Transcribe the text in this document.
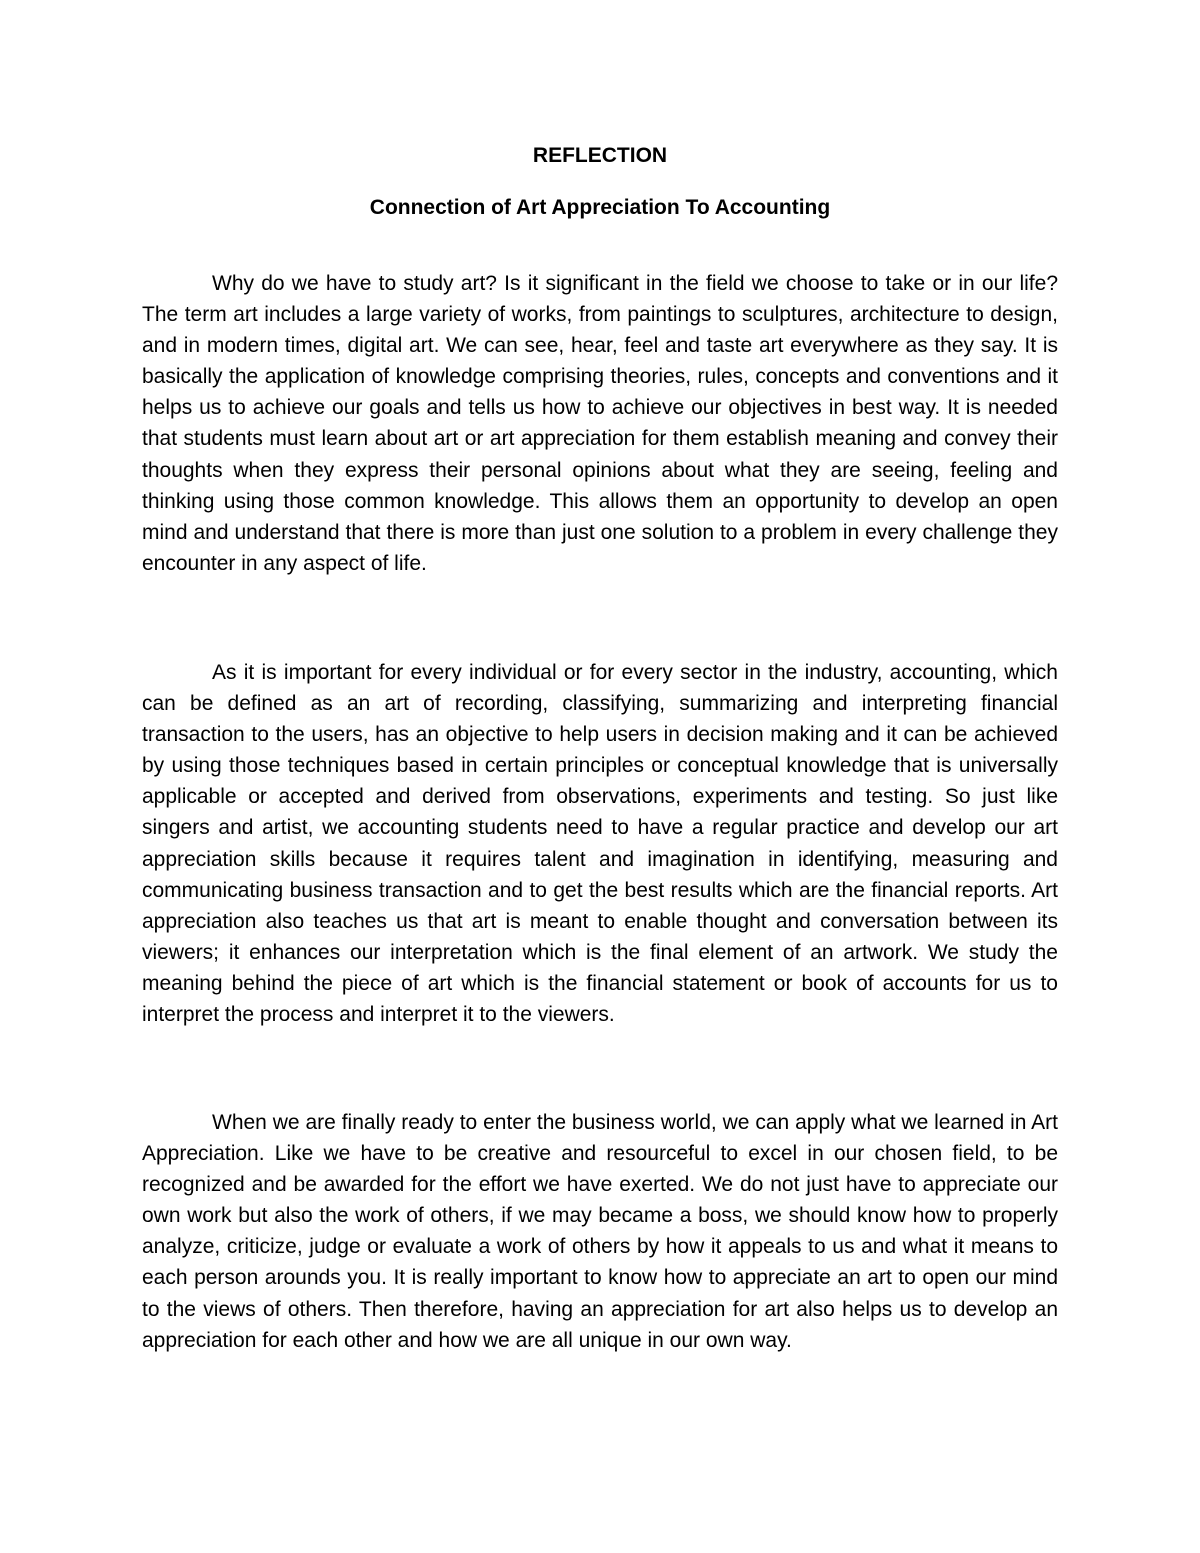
REFLECTION
Connection of Art Appreciation To Accounting

Why do we have to study art? Is it significant in the field we choose to take or in our life? The term art includes a large variety of works, from paintings to sculptures, architecture to design, and in modern times, digital art. We can see, hear, feel and taste art everywhere as they say. It is basically the application of knowledge comprising theories, rules, concepts and conventions and it helps us to achieve our goals and tells us how to achieve our objectives in best way. It is needed that students must learn about art or art appreciation for them establish meaning and convey their thoughts when they express their personal opinions about what they are seeing, feeling and thinking using those common knowledge. This allows them an opportunity to develop an open mind and understand that there is more than just one solution to a problem in every challenge they encounter in any aspect of life.

As it is important for every individual or for every sector in the industry, accounting, which can be defined as an art of recording, classifying, summarizing and interpreting financial transaction to the users, has an objective to help users in decision making and it can be achieved by using those techniques based in certain principles or conceptual knowledge that is universally applicable or accepted and derived from observations, experiments and testing. So just like singers and artist, we accounting students need to have a regular practice and develop our art appreciation skills because it requires talent and imagination in identifying, measuring and communicating business transaction and to get the best results which are the financial reports. Art appreciation also teaches us that art is meant to enable thought and conversation between its viewers; it enhances our interpretation which is the final element of an artwork. We study the meaning behind the piece of art which is the financial statement or book of accounts for us to interpret the process and interpret it to the viewers.

When we are finally ready to enter the business world, we can apply what we learned in Art Appreciation. Like we have to be creative and resourceful to excel in our chosen field, to be recognized and be awarded for the effort we have exerted. We do not just have to appreciate our own work but also the work of others, if we may became a boss, we should know how to properly analyze, criticize, judge or evaluate a work of others by how it appeals to us and what it means to each person arounds you. It is really important to know how to appreciate an art to open our mind to the views of others. Then therefore, having an appreciation for art also helps us to develop an appreciation for each other and how we are all unique in our own way.
